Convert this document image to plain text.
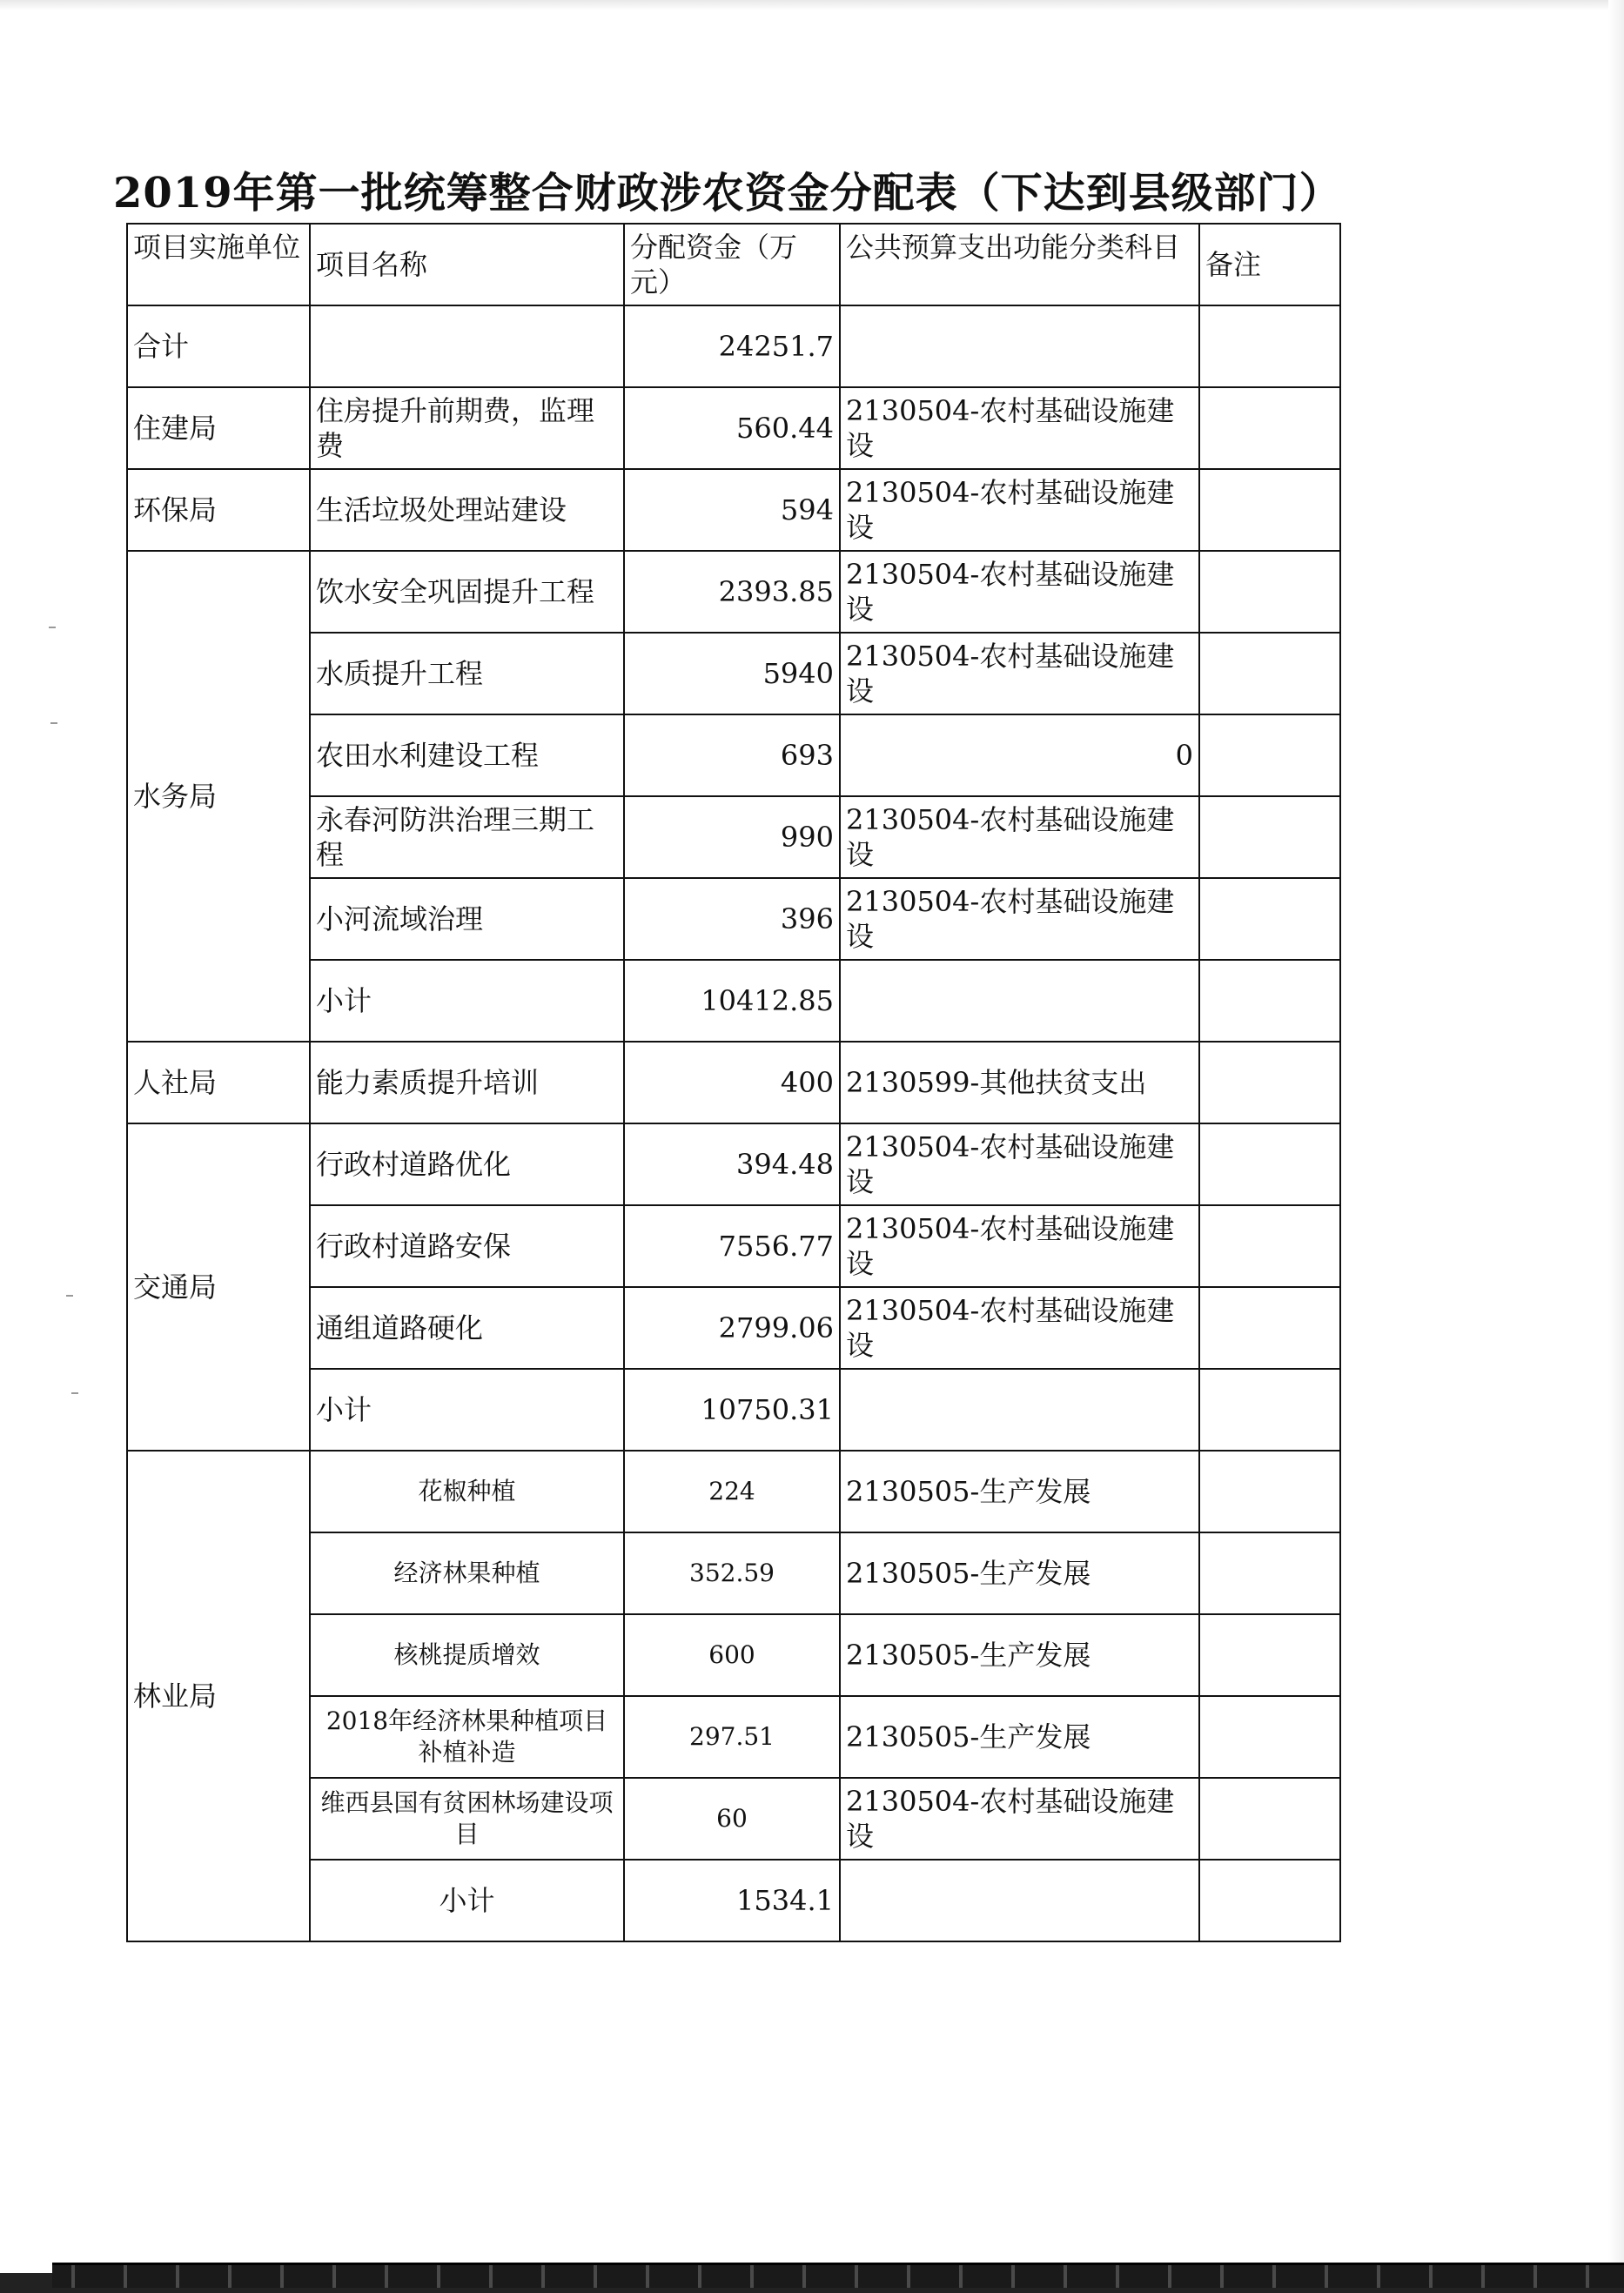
2019年第一批统筹整合财政涉农资金分配表（下达到县级部门）
项目实施单位	项目名称	分配资金（万元）	公共预算支出功能分类科目	备注
合计		24251.7		
住建局	住房提升前期费，监理费	560.44	2130504-农村基础设施建设	
环保局	生活垃圾处理站建设	594	2130504-农村基础设施建设	
水务局	饮水安全巩固提升工程	2393.85	2130504-农村基础设施建设	
	水质提升工程	5940	2130504-农村基础设施建设	
	农田水利建设工程	693	0	
	永春河防洪治理三期工程	990	2130504-农村基础设施建设	
	小河流域治理	396	2130504-农村基础设施建设	
	小计	10412.85		
人社局	能力素质提升培训	400	2130599-其他扶贫支出	
交通局	行政村道路优化	394.48	2130504-农村基础设施建设	
	行政村道路安保	7556.77	2130504-农村基础设施建设	
	通组道路硬化	2799.06	2130504-农村基础设施建设	
	小计	10750.31		
林业局	花椒种植	224	2130505-生产发展	
	经济林果种植	352.59	2130505-生产发展	
	核桃提质增效	600	2130505-生产发展	
	2018年经济林果种植项目补植补造	297.51	2130505-生产发展	
	维西县国有贫困林场建设项目	60	2130504-农村基础设施建设	
	小计	1534.1		
